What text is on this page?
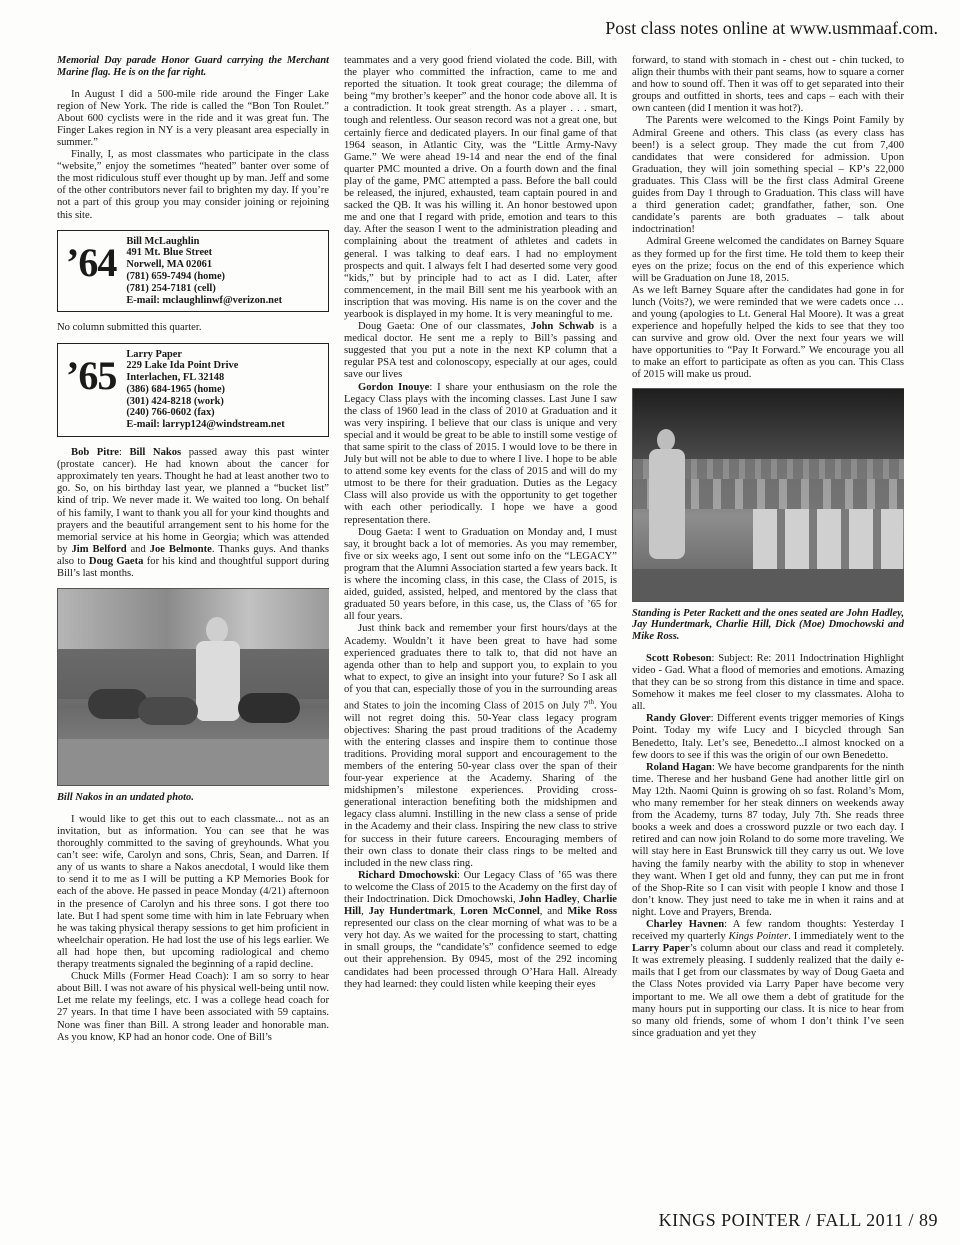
Post class notes online at www.usmmaaf.com.

Memorial Day parade Honor Guard carrying the Merchant Marine flag. He is on the far right.

In August I did a 500-mile ride around the Finger Lake region of New York. The ride is called the “Bon Ton Roulet.” About 600 cyclists were in the ride and it was great fun. The Finger Lakes region in NY is a very pleasant area especially in summer.”

Finally, I, as most classmates who participate in the class “website,” enjoy the sometimes “heated” banter over some of the most ridiculous stuff ever thought up by man. Jeff and some of the other contributors never fail to brighten my day. If you’re not a part of this group you may consider joining or rejoining this site.

’64 Bill McLaughlin
491 Mt. Blue Street
Norwell, MA 02061
(781) 659-7494 (home)
(781) 254-7181 (cell)
E-mail: mclaughlinwf@verizon.net

No column submitted this quarter.

’65 Larry Paper
229 Lake Ida Point Drive
Interlachen, FL 32148
(386) 684-1965 (home)
(301) 424-8218 (work)
(240) 766-0602 (fax)
E-mail: larryp124@windstream.net

Bob Pitre: Bill Nakos passed away this past winter (prostate cancer). He had known about the cancer for approximately ten years. Thought he had at least another two to go. So, on his birthday last year, we planned a “bucket list” kind of trip. We never made it. We waited too long. On behalf of his family, I want to thank you all for your kind thoughts and prayers and the beautiful arrangement sent to his home for the memorial service at his home in Georgia; which was attended by Jim Belford and Joe Belmonte. Thanks guys. And thanks also to Doug Gaeta for his kind and thoughtful support during Bill’s last months.

Bill Nakos in an undated photo.

I would like to get this out to each classmate... not as an invitation, but as information. You can see that he was thoroughly committed to the saving of greyhounds. What you can’t see: wife, Carolyn and sons, Chris, Sean, and Darren. If any of us wants to share a Nakos anecdotal, I would like them to send it to me as I will be putting a KP Memories Book for each of the above. He passed in peace Monday (4/21) afternoon in the presence of Carolyn and his three sons. I got there too late. But I had spent some time with him in late February when he was taking physical therapy sessions to get him proficient in wheelchair operation. He had lost the use of his legs earlier. We all had hope then, but upcoming radiological and chemo therapy treatments signaled the beginning of a rapid decline.

Chuck Mills (Former Head Coach): I am so sorry to hear about Bill. I was not aware of his physical well-being until now. Let me relate my feelings, etc. I was a college head coach for 27 years. In that time I have been associated with 59 captains. None was finer than Bill. A strong leader and honorable man. As you know, KP had an honor code. One of Bill’s

teammates and a very good friend violated the code. Bill, with the player who committed the infraction, came to me and reported the situation. It took great courage; the dilemma of being “my brother’s keeper” and the honor code above all. It is a contradiction. It took great strength. As a player . . . smart, tough and relentless. Our season record was not a great one, but certainly fierce and dedicated players. In our final game of that 1964 season, in Atlantic City, was the “Little Army-Navy Game.” We were ahead 19-14 and near the end of the final quarter PMC mounted a drive. On a fourth down and the final play of the game, PMC attempted a pass. Before the ball could be released, the injured, exhausted, team captain poured in and sacked the QB. It was his willing it. An honor bestowed upon me and one that I regard with pride, emotion and tears to this day. After the season I went to the administration pleading and complaining about the treatment of athletes and cadets in general. I was talking to deaf ears. I had no employment prospects and quit. I always felt I had deserted some very good “kids,” but by principle had to act as I did. Later, after commencement, in the mail Bill sent me his yearbook with an inscription that was moving. His name is on the cover and the yearbook is displayed in my home. It is very meaningful to me.

Doug Gaeta: One of our classmates, John Schwab is a medical doctor. He sent me a reply to Bill’s passing and suggested that you put a note in the next KP column that a regular PSA test and colonoscopy, especially at our ages, could save our lives

Gordon Inouye: I share your enthusiasm on the role the Legacy Class plays with the incoming classes. Last June I saw the class of 1960 lead in the class of 2010 at Graduation and it was very inspiring. I believe that our class is unique and very special and it would be great to be able to instill some vestige of that same spirit to the class of 2015. I would love to be there in July but will not be able to due to where I live. I hope to be able to attend some key events for the class of 2015 and will do my utmost to be there for their graduation. Duties as the Legacy Class will also provide us with the opportunity to get together with each other periodically. I hope we have a good representation there.

Doug Gaeta: I went to Graduation on Monday and, I must say, it brought back a lot of memories. As you may remember, five or six weeks ago, I sent out some info on the “LEGACY” program that the Alumni Association started a few years back. It is where the incoming class, in this case, the Class of 2015, is aided, guided, assisted, helped, and mentored by the class that graduated 50 years before, in this case, us, the Class of ’65 for all four years.

Just think back and remember your first hours/days at the Academy. Wouldn’t it have been great to have had some experienced graduates there to talk to, that did not have an agenda other than to help and support you, to explain to you what to expect, to give an insight into your future? So I ask all of you that can, especially those of you in the surrounding areas and States to join the incoming Class of 2015 on July 7th. You will not regret doing this. 50-Year class legacy program objectives: Sharing the past proud traditions of the Academy with the entering classes and inspire them to continue those traditions. Providing moral support and encouragement to the members of the entering 50-year class over the span of their four-year experience at the Academy. Sharing of the midshipmen’s milestone experiences. Providing cross-generational interaction benefiting both the midshipmen and legacy class alumni. Instilling in the new class a sense of pride in the Academy and their class. Inspiring the new class to strive for success in their future careers. Encouraging members of their own class to donate their class rings to be melted and included in the new class ring.

Richard Dmochowski: Our Legacy Class of ’65 was there to welcome the Class of 2015 to the Academy on the first day of their Indoctrination. Dick Dmochowski, John Hadley, Charlie Hill, Jay Hundertmark, Loren McConnel, and Mike Ross represented our class on the clear morning of what was to be a very hot day. As we waited for the processing to start, chatting in small groups, the “candidate’s” confidence seemed to edge out their apprehension. By 0945, most of the 292 incoming candidates had been processed through O’Hara Hall. Already they had learned: they could listen while keeping their eyes

forward, to stand with stomach in - chest out - chin tucked, to align their thumbs with their pant seams, how to square a corner and how to sound off. Then it was off to get separated into their groups and outfitted in shorts, tees and caps – each with their own canteen (did I mention it was hot?).

The Parents were welcomed to the Kings Point Family by Admiral Greene and others. This class (as every class has been!) is a select group. They made the cut from 7,400 candidates that were considered for admission. Upon Graduation, they will join something special – KP’s 22,000 graduates. This Class will be the first class Admiral Greene guides from Day 1 through to Graduation. This class will have a third generation cadet; grandfather, father, son. One candidate’s parents are both graduates – talk about indoctrination!

Admiral Greene welcomed the candidates on Barney Square as they formed up for the first time. He told them to keep their eyes on the prize; focus on the end of this experience which will be Graduation on June 18, 2015.

As we left Barney Square after the candidates had gone in for lunch (Voits?), we were reminded that we were cadets once … and young (apologies to Lt. General Hal Moore). It was a great experience and hopefully helped the kids to see that they too can survive and grow old. Over the next four years we will have opportunities to “Pay It Forward.” We encourage you all to make an effort to participate as often as you can. This Class of 2015 will make us proud.

Standing is Peter Rackett and the ones seated are John Hadley, Jay Hundertmark, Charlie Hill, Dick (Moe) Dmochowski and Mike Ross.

Scott Robeson: Subject: Re: 2011 Indoctrination Highlight video - Gad. What a flood of memories and emotions. Amazing that they can be so strong from this distance in time and space. Somehow it makes me feel closer to my classmates. Aloha to all.

Randy Glover: Different events trigger memories of Kings Point. Today my wife Lucy and I bicycled through San Benedetto, Italy. Let’s see, Benedetto...I almost knocked on a few doors to see if this was the origin of our own Benedetto.

Roland Hagan: We have become grandparents for the ninth time. Therese and her husband Gene had another little girl on May 12th. Naomi Quinn is growing oh so fast. Roland’s Mom, who many remember for her steak dinners on weekends away from the Academy, turns 87 today, July 7th. She reads three books a week and does a crossword puzzle or two each day. I retired and can now join Roland to do some more traveling. We will stay here in East Brunswick till they carry us out. We love having the family nearby with the ability to stop in whenever they want. When I get old and funny, they can put me in front of the Shop-Rite so I can visit with people I know and those I don’t know. They just need to take me in when it rains and at night. Love and Prayers, Brenda.

Charley Havnen: A few random thoughts: Yesterday I received my quarterly Kings Pointer. I immediately went to the Larry Paper’s column about our class and read it completely. It was extremely pleasing. I suddenly realized that the daily e-mails that I get from our classmates by way of Doug Gaeta and the Class Notes provided via Larry Paper have become very important to me. We all owe them a debt of gratitude for the many hours put in supporting our class. It is nice to hear from so many old friends, some of whom I don’t think I’ve seen since graduation and yet they

KINGS POINTER / FALL 2011 / 89
